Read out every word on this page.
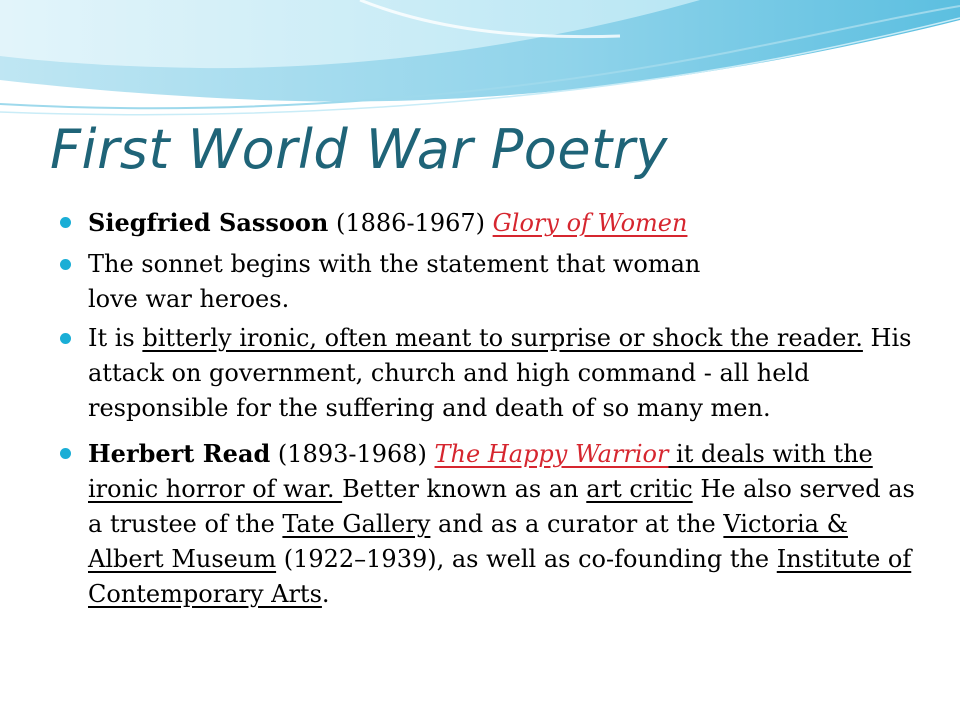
First World War Poetry

Siegfried Sassoon (1886-1967) Glory of Women

The sonnet begins with the statement that woman

love war heroes.

It is bitterly ironic, often meant to surprise or shock the reader. His attack on government, church and high command - all held responsible for the suffering and death of so many men.

Herbert Read (1893-1968) The Happy Warrior it deals with the ironic horror of war. Better known as an art critic He also served as a trustee of the Tate Gallery and as a curator at the Victoria & Albert Museum (1922–1939), as well as co-founding the Institute of Contemporary Arts.
